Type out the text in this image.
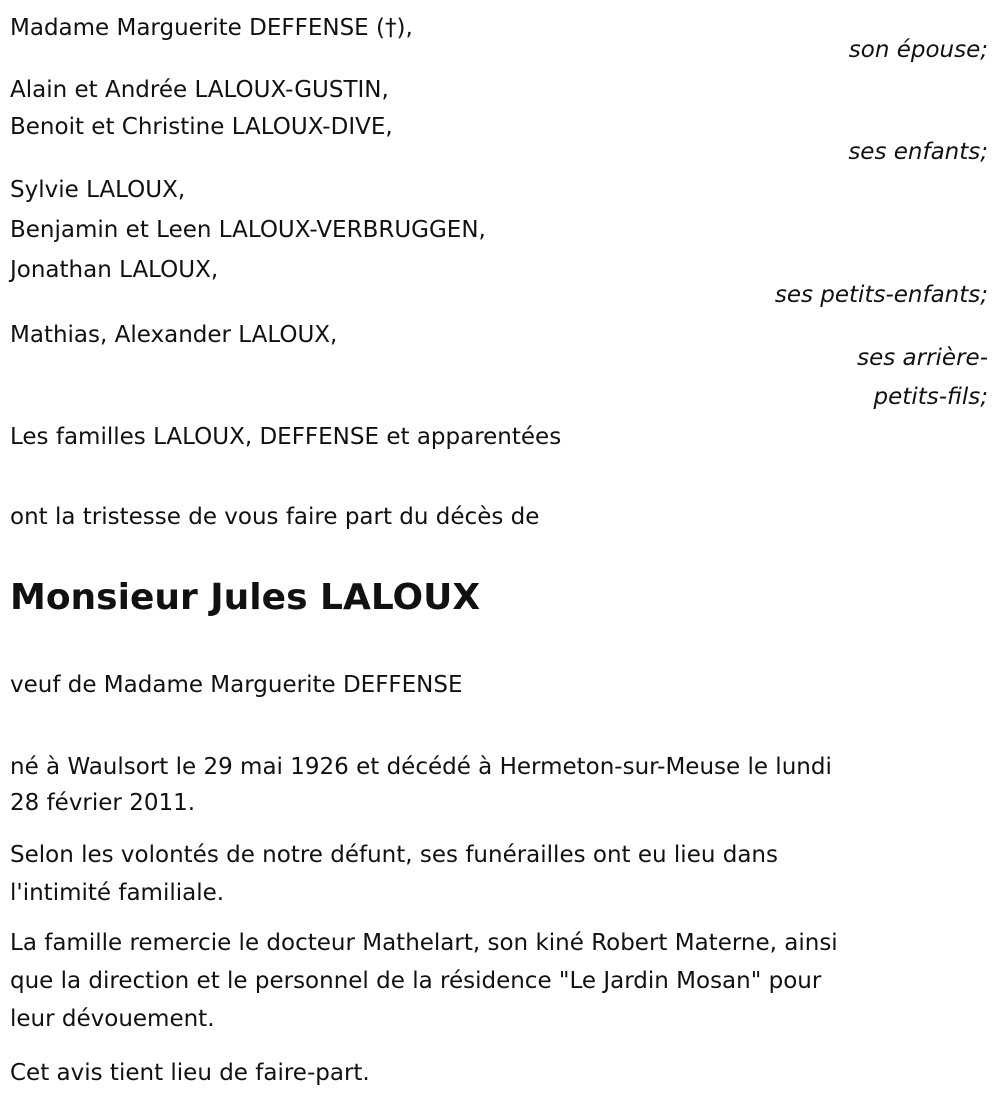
Madame Marguerite DEFFENSE (†),
son épouse;
Alain et Andrée LALOUX-GUSTIN,
Benoit et Christine LALOUX-DIVE,
ses enfants;
Sylvie LALOUX,
Benjamin et Leen LALOUX-VERBRUGGEN,
Jonathan LALOUX,
ses petits-enfants;
Mathias, Alexander LALOUX,
ses arrière-
petits-fils;
Les familles LALOUX, DEFFENSE et apparentées
ont la tristesse de vous faire part du décès de
Monsieur Jules LALOUX
veuf de Madame Marguerite DEFFENSE
né à Waulsort le 29 mai 1926 et décédé à Hermeton-sur-Meuse le lundi
28 février 2011.
Selon les volontés de notre défunt, ses funérailles ont eu lieu dans
l'intimité familiale.
La famille remercie le docteur Mathelart, son kiné Robert Materne, ainsi
que la direction et le personnel de la résidence "Le Jardin Mosan" pour
leur dévouement.
Cet avis tient lieu de faire-part.
